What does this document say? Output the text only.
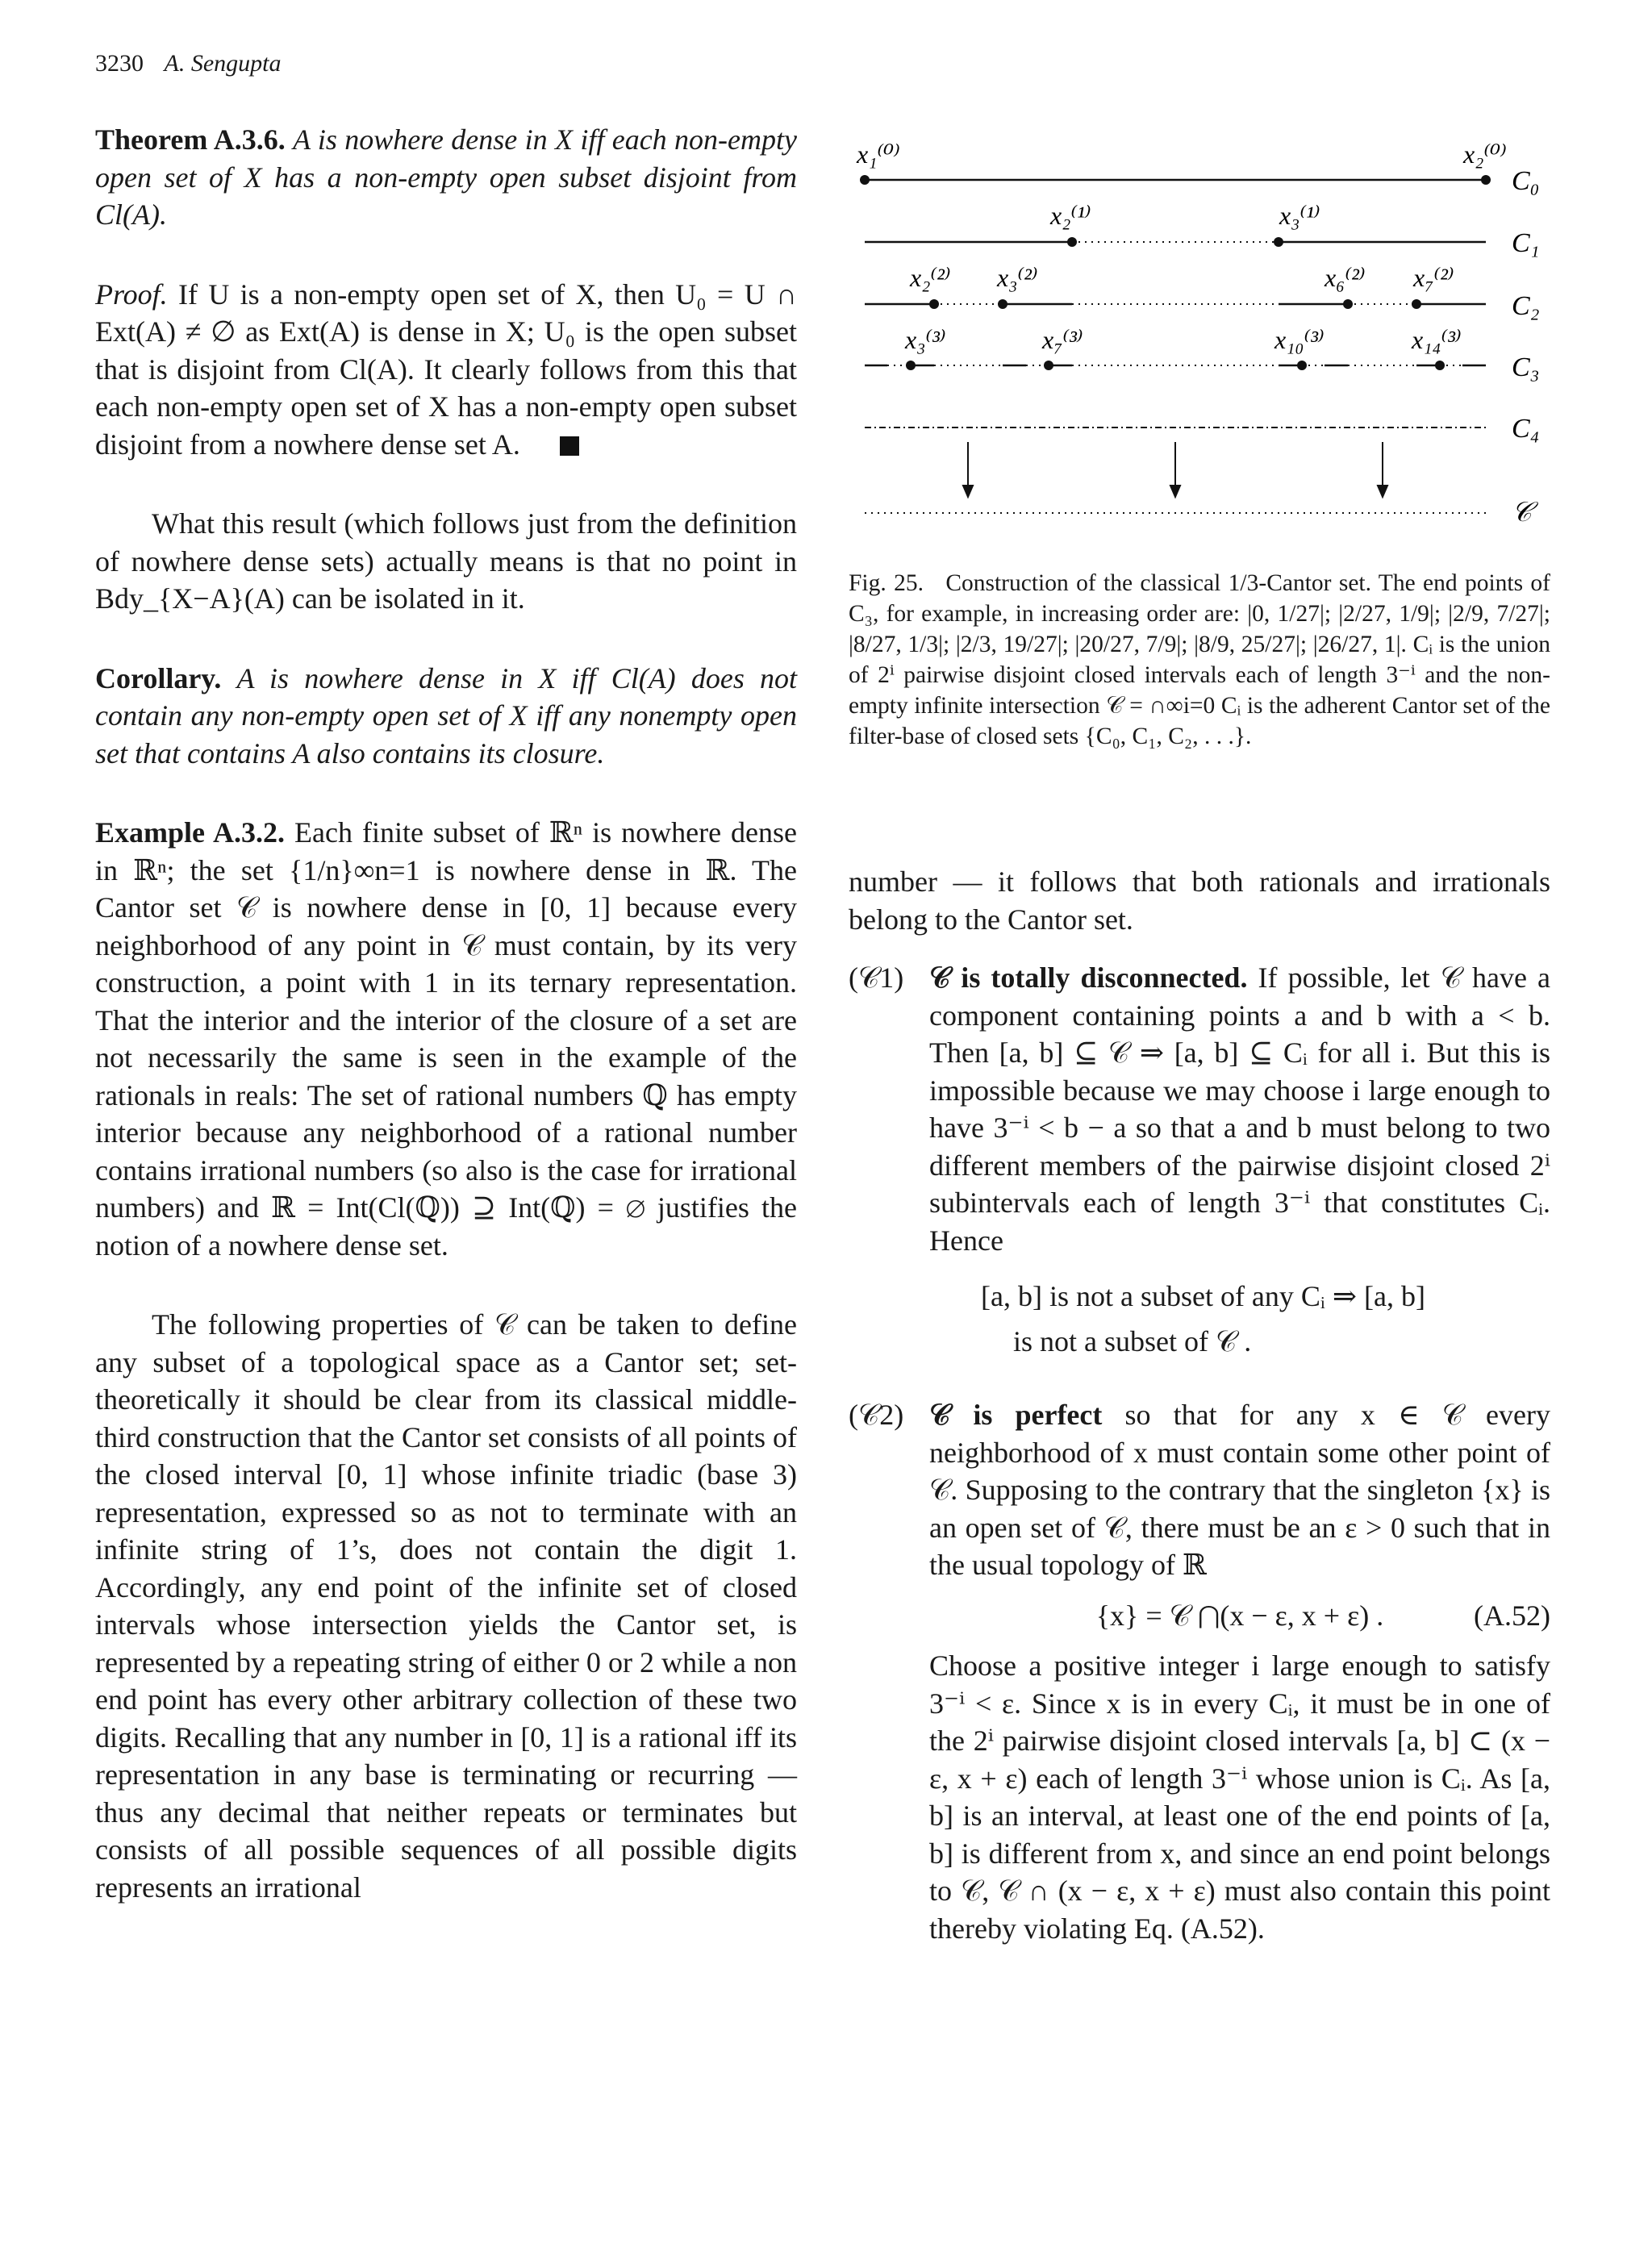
3230 A. Sengupta

Theorem A.3.6. A is nowhere dense in X iff each non-empty open set of X has a non-empty open subset disjoint from Cl(A).

Proof. If U is a non-empty open set of X, then U₀ = U ∩ Ext(A) ≠ ∅ as Ext(A) is dense in X; U₀ is the open subset that is disjoint from Cl(A). It clearly follows from this that each non-empty open set of X has a non-empty open subset disjoint from a nowhere dense set A.

What this result (which follows just from the definition of nowhere dense sets) actually means is that no point in Bdy_{X−A}(A) can be isolated in it.

Corollary. A is nowhere dense in X iff Cl(A) does not contain any non-empty open set of X iff any nonempty open set that contains A also contains its closure.

Example A.3.2. Each finite subset of ℝⁿ is nowhere dense in ℝⁿ; the set {1/n}∞n=1 is nowhere dense in ℝ. The Cantor set 𝒞 is nowhere dense in [0, 1] because every neighborhood of any point in 𝒞 must contain, by its very construction, a point with 1 in its ternary representation. That the interior and the interior of the closure of a set are not necessarily the same is seen in the example of the rationals in reals: The set of rational numbers ℚ has empty interior because any neighborhood of a rational number contains irrational numbers (so also is the case for irrational numbers) and ℝ = Int(Cl(ℚ)) ⊇ Int(ℚ) = ∅ justifies the notion of a nowhere dense set.

The following properties of 𝒞 can be taken to define any subset of a topological space as a Cantor set; set-theoretically it should be clear from its classical middle-third construction that the Cantor set consists of all points of the closed interval [0, 1] whose infinite triadic (base 3) representation, expressed so as not to terminate with an infinite string of 1’s, does not contain the digit 1. Accordingly, any end point of the infinite set of closed intervals whose intersection yields the Cantor set, is represented by a repeating string of either 0 or 2 while a non end point has every other arbitrary collection of these two digits. Recalling that any number in [0, 1] is a rational iff its representation in any base is terminating or recurring — thus any decimal that neither repeats or terminates but consists of all possible sequences of all possible digits represents an irrational

x₁⁽⁰⁾	x₂⁽⁰⁾
C₀
x₂⁽¹⁾	x₃⁽¹⁾
C₁
x₂⁽²⁾ x₃⁽²⁾	x₆⁽²⁾ x₇⁽²⁾
C₂
x₃⁽³⁾	x₇⁽³⁾	x₁₀⁽³⁾	x₁₄⁽³⁾
C₃
C₄
𝒞
Fig. 25. Construction of the classical 1/3-Cantor set. The end points of C₃, for example, in increasing order are: |0, 1/27|; |2/27, 1/9|; |2/9, 7/27|; |8/27, 1/3|; |2/3, 19/27|; |20/27, 7/9|; |8/9, 25/27|; |26/27, 1|. Cᵢ is the union of 2ⁱ pairwise disjoint closed intervals each of length 3⁻ⁱ and the non-empty infinite intersection 𝒞 = ∩∞i=0 Cᵢ is the adherent Cantor set of the filter-base of closed sets {C₀, C₁, C₂, . . .}.

number — it follows that both rationals and irrationals belong to the Cantor set.

(𝒞1) 𝒞 is totally disconnected. If possible, let 𝒞 have a component containing points a and b with a < b. Then [a, b] ⊆ 𝒞 ⇒ [a, b] ⊆ Cᵢ for all i. But this is impossible because we may choose i large enough to have 3⁻ⁱ < b − a so that a and b must belong to two different members of the pairwise disjoint closed 2ⁱ subintervals each of length 3⁻ⁱ that constitutes Cᵢ. Hence
[a, b] is not a subset of any Cᵢ ⇒ [a, b]
is not a subset of 𝒞 .
(𝒞2) 𝒞 is perfect so that for any x ∈ 𝒞 every neighborhood of x must contain some other point of 𝒞. Supposing to the contrary that the singleton {x} is an open set of 𝒞, there must be an ε > 0 such that in the usual topology of ℝ
{x} = 𝒞 ⋂(x − ε, x + ε) .	(A.52)

Choose a positive integer i large enough to satisfy 3⁻ⁱ < ε. Since x is in every Cᵢ, it must be in one of the 2ⁱ pairwise disjoint closed intervals [a, b] ⊂ (x − ε, x + ε) each of length 3⁻ⁱ whose union is Cᵢ. As [a, b] is an interval, at least one of the end points of [a, b] is different from x, and since an end point belongs to 𝒞, 𝒞 ∩ (x − ε, x + ε) must also contain this point thereby violating Eq. (A.52).
